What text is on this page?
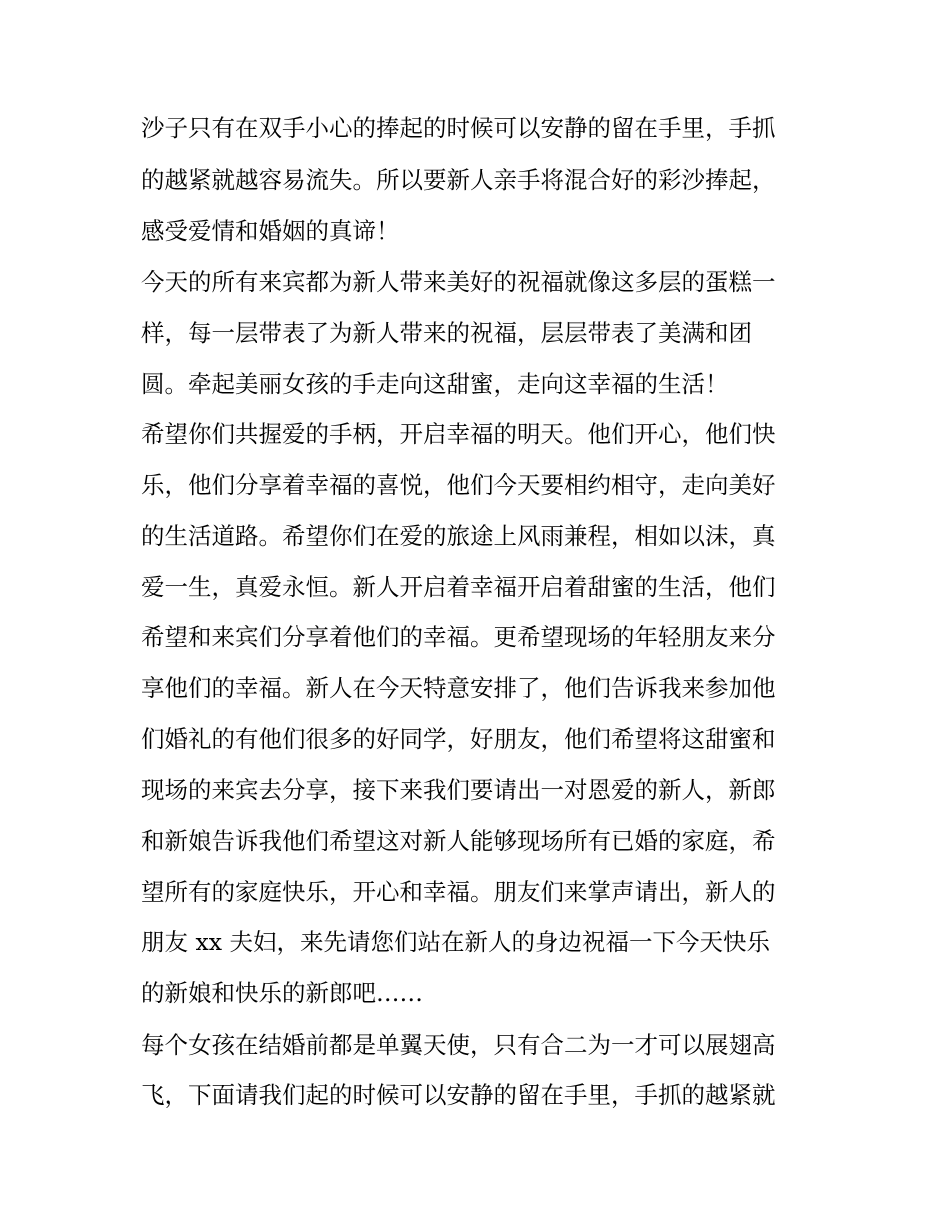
沙子只有在双手小心的捧起的时候可以安静的留在手里，手抓
的越紧就越容易流失。所以要新人亲手将混合好的彩沙捧起，
感受爱情和婚姻的真谛！
今天的所有来宾都为新人带来美好的祝福就像这多层的蛋糕一
样，每一层带表了为新人带来的祝福，层层带表了美满和团
圆。牵起美丽女孩的手走向这甜蜜，走向这幸福的生活！
希望你们共握爱的手柄，开启幸福的明天。他们开心，他们快
乐，他们分享着幸福的喜悦，他们今天要相约相守，走向美好
的生活道路。希望你们在爱的旅途上风雨兼程，相如以沫，真
爱一生，真爱永恒。新人开启着幸福开启着甜蜜的生活，他们
希望和来宾们分享着他们的幸福。更希望现场的年轻朋友来分
享他们的幸福。新人在今天特意安排了，他们告诉我来参加他
们婚礼的有他们很多的好同学，好朋友，他们希望将这甜蜜和
现场的来宾去分享，接下来我们要请出一对恩爱的新人，新郎
和新娘告诉我他们希望这对新人能够现场所有已婚的家庭，希
望所有的家庭快乐，开心和幸福。朋友们来掌声请出，新人的
朋友 xx 夫妇，来先请您们站在新人的身边祝福一下今天快乐
的新娘和快乐的新郎吧……
每个女孩在结婚前都是单翼天使，只有合二为一才可以展翅高
飞，下面请我们起的时候可以安静的留在手里，手抓的越紧就
